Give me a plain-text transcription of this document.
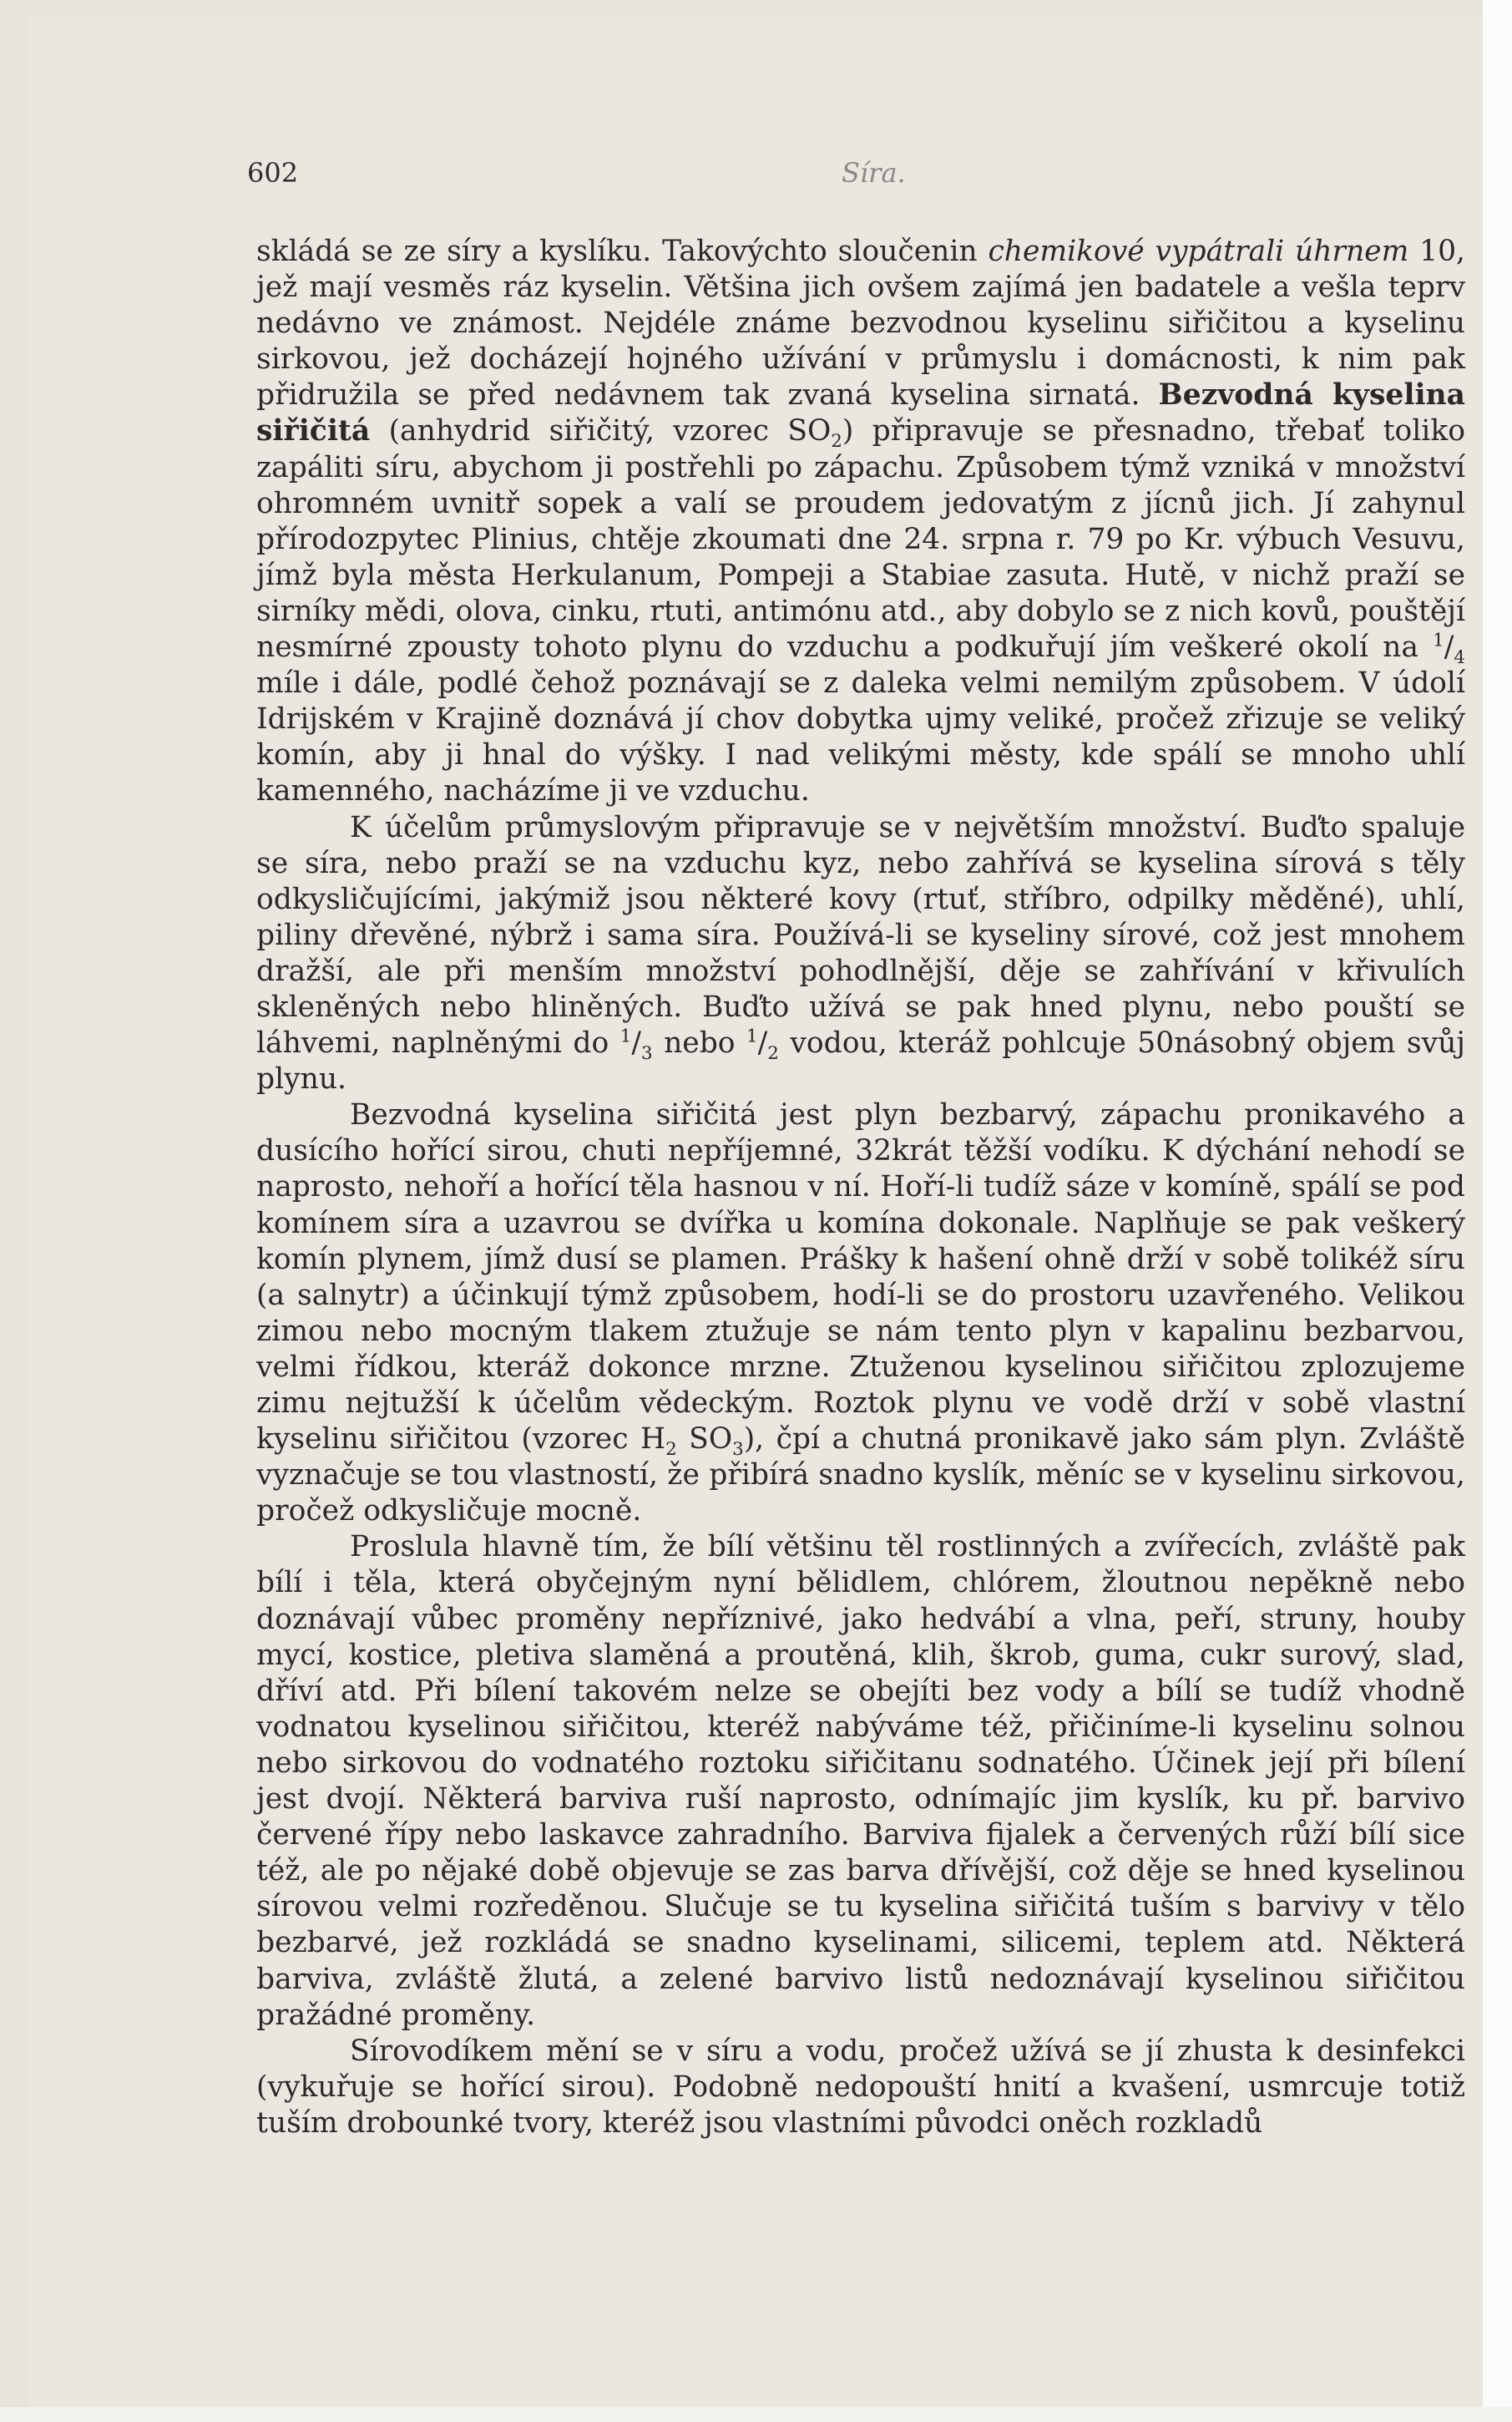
602	Síra.

skládá se ze síry a kyslíku. Takovýchto sloučenin chemikové vypátrali úhrnem 10, jež mají vesměs ráz kyselin. Většina jich ovšem zajímá jen badatele a vešla teprv nedávno ve známost. Nejdéle známe bezvodnou kyselinu siřičitou a kyselinu sirkovou, jež docházejí hojného užívání v průmyslu i domácnosti, k nim pak přidružila se před nedávnem tak zvaná kyselina sirnatá. Bezvodná kyselina siřičitá (anhydrid siřičitý, vzorec $SO_2$) připravuje se přesnadno, třebať toliko zapáliti síru, abychom ji postřehli po zápachu. Způsobem týmž vzniká v množství ohromném uvnitř sopek a valí se proudem jedovatým z jícnů jich. Jí zahynul přírodozpytec Plinius, chtěje zkoumati dne 24. srpna r. 79 po Kr. výbuch Vesuvu, jímž byla města Herkulanum, Pompeji a Stabiae zasuta. Hutě, v nichž praží se sirníky mědi, olova, cinku, rtuti, antimónu atd., aby dobylo se z nich kovů, pouštějí nesmírné zpousty tohoto plynu do vzduchu a podkuřují jím veškeré okolí na $^1/_4$ míle i dále, podlé čehož poznávají se z daleka velmi nemilým způsobem. V údolí Idrijském v Krajině doznává jí chov dobytka ujmy veliké, pročež zřizuje se veliký komín, aby ji hnal do výšky. I nad velikými městy, kde spálí se mnoho uhlí kamenného, nacházíme ji ve vzduchu.

K účelům průmyslovým připravuje se v největším množství. Buďto spaluje se síra, nebo praží se na vzduchu kyz, nebo zahřívá se kyselina sírová s těly odkysličujícími, jakýmiž jsou některé kovy (rtuť, stříbro, odpilky měděné), uhlí, piliny dřevěné, nýbrž i sama síra. Používá-li se kyseliny sírové, což jest mnohem dražší, ale při menším množství pohodlnější, děje se zahřívání v křivulích skleněných nebo hliněných. Buďto užívá se pak hned plynu, nebo pouští se láhvemi, naplněnými do $^1/_3$ nebo $^1/_2$ vodou, kteráž pohlcuje 50násobný objem svůj plynu.

Bezvodná kyselina siřičitá jest plyn bezbarvý, zápachu pronikavého a dusícího hořící sirou, chuti nepříjemné, 32krát těžší vodíku. K dýchání nehodí se naprosto, nehoří a hořící těla hasnou v ní. Hoří-li tudíž sáze v komíně, spálí se pod komínem síra a uzavrou se dvířka u komína dokonale. Naplňuje se pak veškerý komín plynem, jímž dusí se plamen. Prášky k hašení ohně drží v sobě tolikéž síru (a salnytr) a účinkují týmž způsobem, hodí-li se do prostoru uzavřeného. Velikou zimou nebo mocným tlakem ztužuje se nám tento plyn v kapalinu bezbarvou, velmi řídkou, kteráž dokonce mrzne. Ztuženou kyselinou siřičitou zplozujeme zimu nejtužší k účelům vědeckým. Roztok plynu ve vodě drží v sobě vlastní kyselinu siřičitou (vzorec $H_2$ $SO_3$), čpí a chutná pronikavě jako sám plyn. Zvláště vyznačuje se tou vlastností, že přibírá snadno kyslík, měníc se v kyselinu sirkovou, pročež odkysličuje mocně.

Proslula hlavně tím, že bílí většinu těl rostlinných a zvířecích, zvláště pak bílí i těla, která obyčejným nyní bělidlem, chlórem, žloutnou nepěkně nebo doznávají vůbec proměny nepříznivé, jako hedvábí a vlna, peří, struny, houby mycí, kostice, pletiva slaměná a proutěná, klih, škrob, guma, cukr surový, slad, dříví atd. Při bílení takovém nelze se obejíti bez vody a bílí se tudíž vhodně vodnatou kyselinou siřičitou, kteréž nabýváme též, přičiníme-li kyselinu solnou nebo sirkovou do vodnatého roztoku siřičitanu sodnatého. Účinek její při bílení jest dvojí. Některá barviva ruší naprosto, odnímajíc jim kyslík, ku př. barvivo červené řípy nebo laskavce zahradního. Barviva fijalek a červených růží bílí sice též, ale po nějaké době objevuje se zas barva dřívější, což děje se hned kyselinou sírovou velmi rozředěnou. Slučuje se tu kyselina siřičitá tuším s barvivy v tělo bezbarvé, jež rozkládá se snadno kyselinami, silicemi, teplem atd. Některá barviva, zvláště žlutá, a zelené barvivo listů nedoznávají kyselinou siřičitou pražádné proměny.

Sírovodíkem mění se v síru a vodu, pročež užívá se jí zhusta k desinfekci (vykuřuje se hořící sirou). Podobně nedopouští hnití a kvašení, usmrcuje totiž tuším drobounké tvory, kteréž jsou vlastními původci oněch rozkladů
